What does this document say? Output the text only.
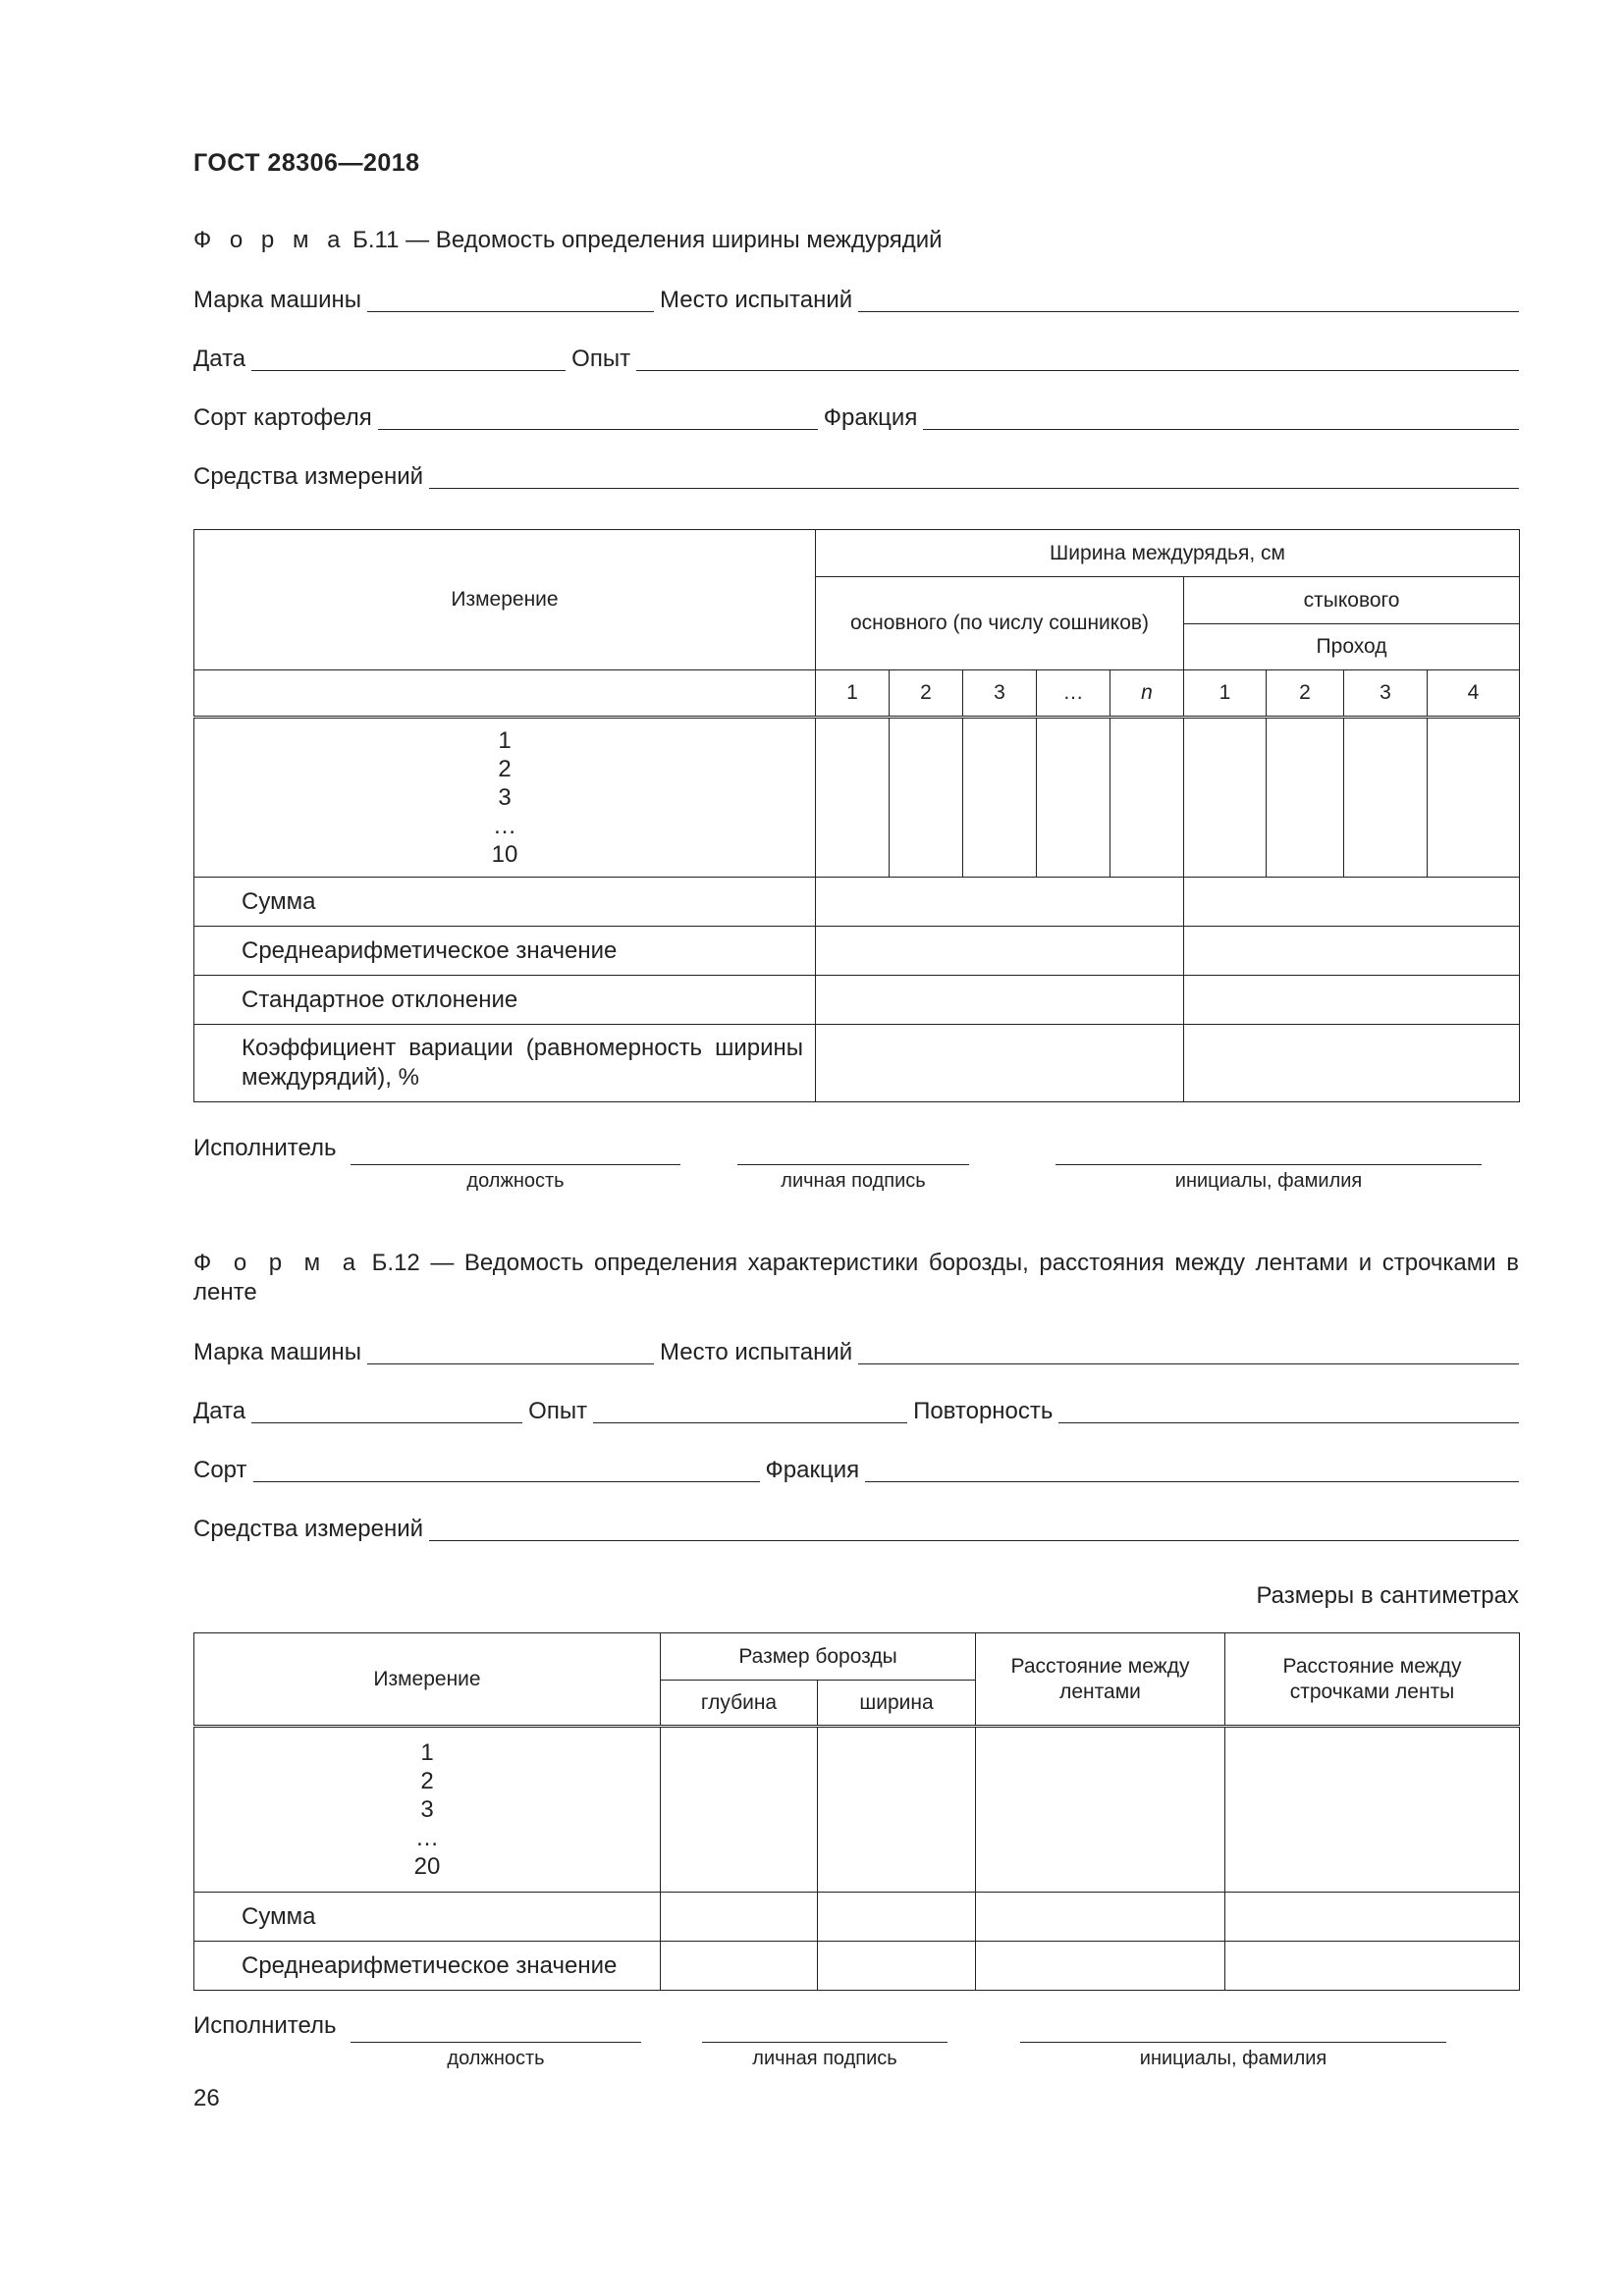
ГОСТ 28306—2018
Ф о р м а Б.11 — Ведомость определения ширины междурядий
Марка машины	Место испытаний
Дата	Опыт
Сорт картофеля	Фракция
Средства измерений
Измерение	Ширина междурядья, см								
	основного (по числу сошников)					стыкового			
						Проход			
	1	2	3	…	n	1	2	3	4

1
2
3
…
10									

Сумма									
Среднеарифметическое значение									
Стандартное отклонение									
Коэффициент вариации (равномерность ширины междурядий), %									
Исполнитель
должность	личная подпись	инициалы, фамилия
Ф о р м а Б.12 — Ведомость определения характеристики борозды, расстояния между лентами и строчками в ленте
Марка машины	Место испытаний
Дата	Опыт	Повторность
Сорт	Фракция
Средства измерений
Размеры в сантиметрах
Измерение	Размер борозды		Расстояние между лентами	Расстояние между строчками ленты
	глубина	ширина		

1
2
3
…
20				

Сумма				
Среднеарифметическое значение				
Исполнитель
должность	личная подпись	инициалы, фамилия
26
